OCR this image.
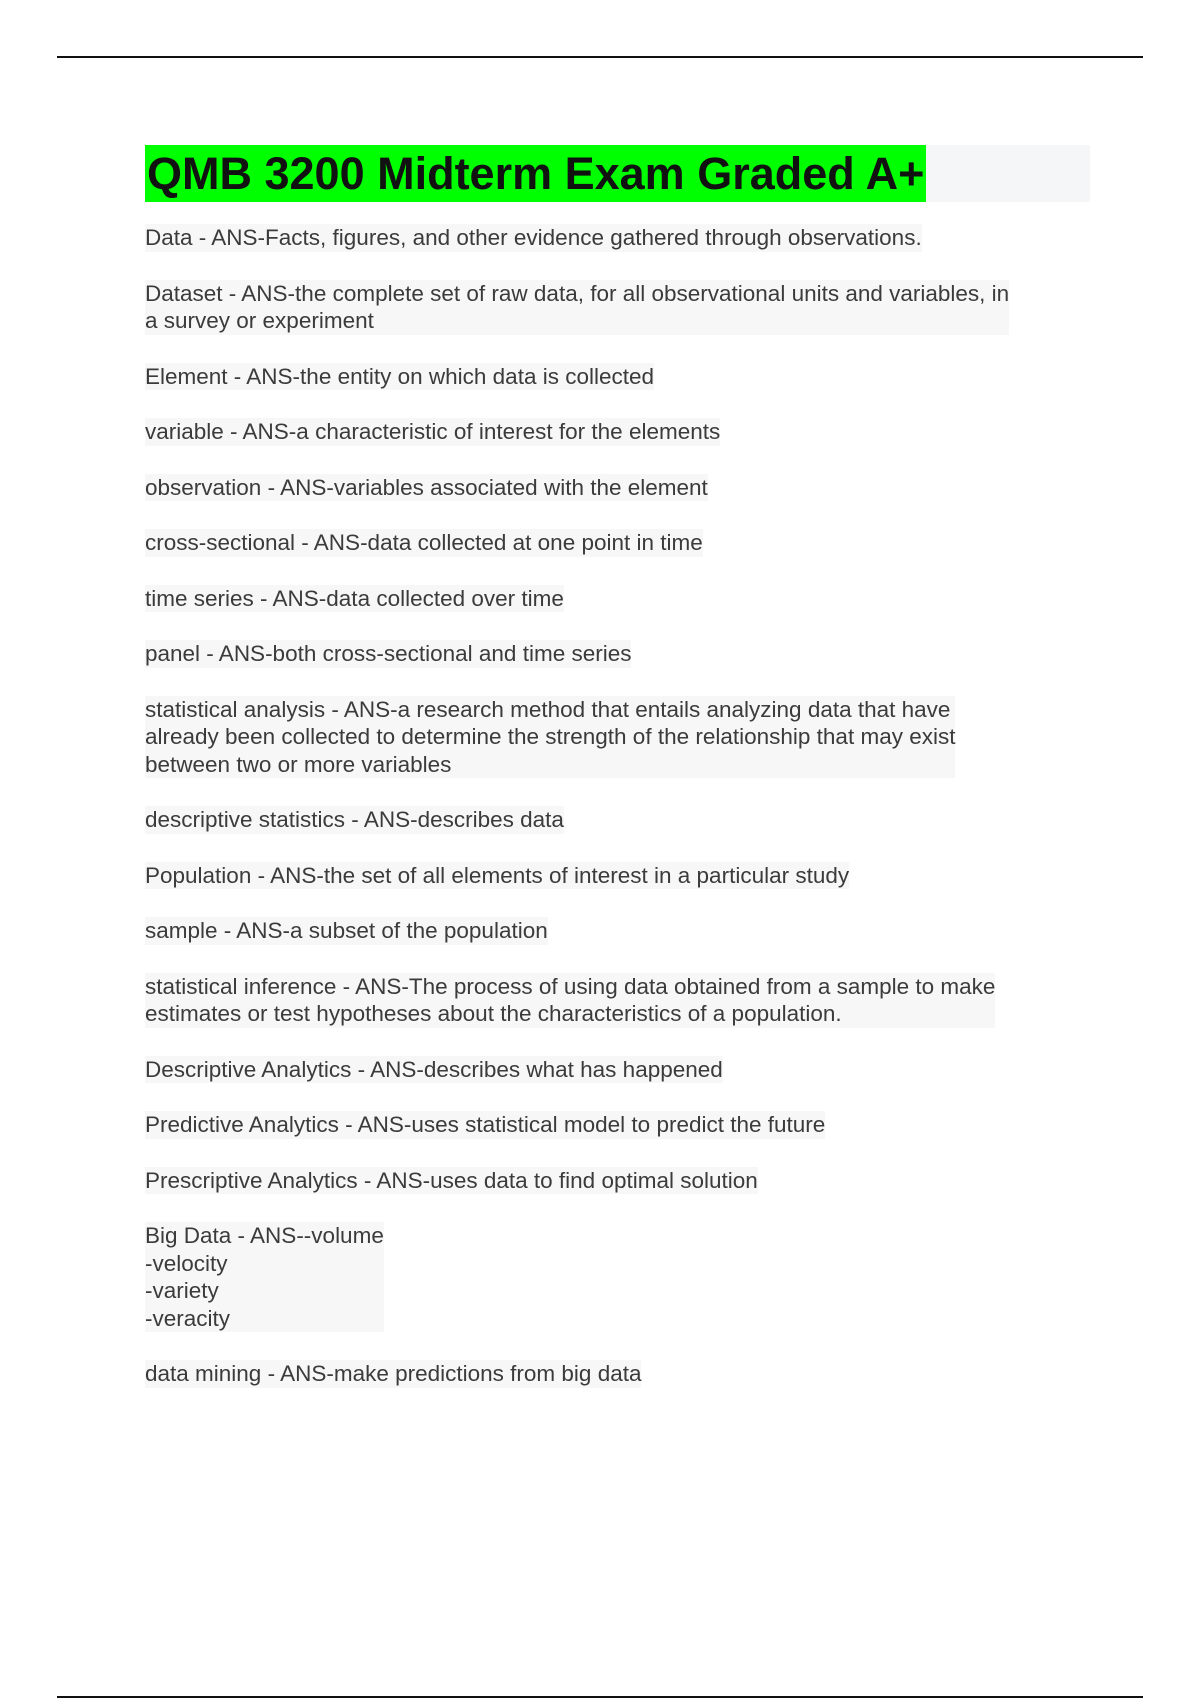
QMB 3200 Midterm Exam Graded A+
Data - ANS-Facts, figures, and other evidence gathered through observations.
Dataset - ANS-the complete set of raw data, for all observational units and variables, in
a survey or experiment
Element - ANS-the entity on which data is collected
variable - ANS-a characteristic of interest for the elements
observation - ANS-variables associated with the element
cross-sectional - ANS-data collected at one point in time
time series - ANS-data collected over time
panel - ANS-both cross-sectional and time series
statistical analysis - ANS-a research method that entails analyzing data that have
already been collected to determine the strength of the relationship that may exist
between two or more variables
descriptive statistics - ANS-describes data
Population - ANS-the set of all elements of interest in a particular study
sample - ANS-a subset of the population
statistical inference - ANS-The process of using data obtained from a sample to make
estimates or test hypotheses about the characteristics of a population.
Descriptive Analytics - ANS-describes what has happened
Predictive Analytics - ANS-uses statistical model to predict the future
Prescriptive Analytics - ANS-uses data to find optimal solution
Big Data - ANS--volume
-velocity
-variety
-veracity
data mining - ANS-make predictions from big data
